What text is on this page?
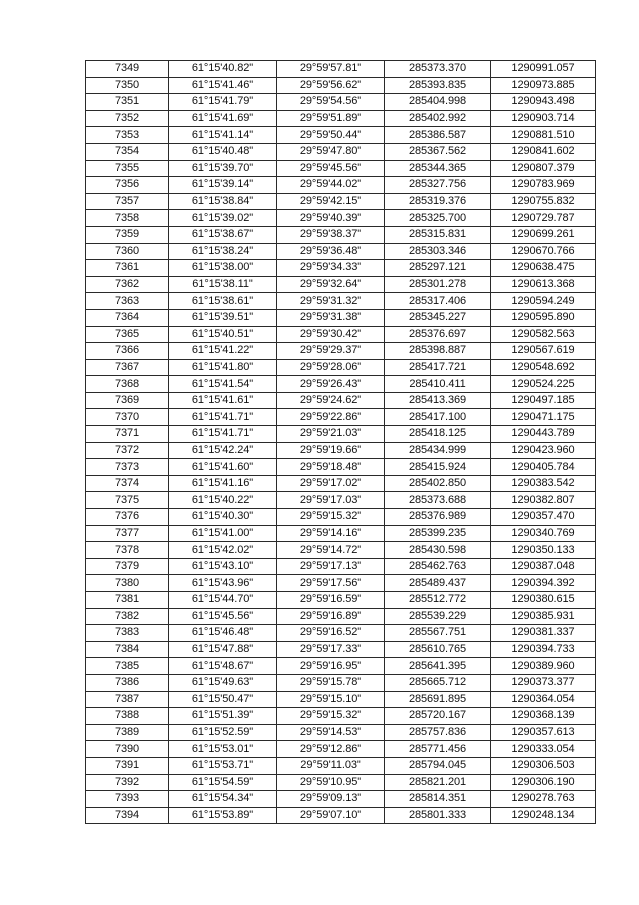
7349	61°15'40.82"	29°59'57.81"	285373.370	1290991.057
7350	61°15'41.46"	29°59'56.62"	285393.835	1290973.885
7351	61°15'41.79"	29°59'54.56"	285404.998	1290943.498
7352	61°15'41.69"	29°59'51.89"	285402.992	1290903.714
7353	61°15'41.14"	29°59'50.44"	285386.587	1290881.510
7354	61°15'40.48"	29°59'47.80"	285367.562	1290841.602
7355	61°15'39.70"	29°59'45.56"	285344.365	1290807.379
7356	61°15'39.14"	29°59'44.02"	285327.756	1290783.969
7357	61°15'38.84"	29°59'42.15"	285319.376	1290755.832
7358	61°15'39.02"	29°59'40.39"	285325.700	1290729.787
7359	61°15'38.67"	29°59'38.37"	285315.831	1290699.261
7360	61°15'38.24"	29°59'36.48"	285303.346	1290670.766
7361	61°15'38.00"	29°59'34.33"	285297.121	1290638.475
7362	61°15'38.11"	29°59'32.64"	285301.278	1290613.368
7363	61°15'38.61"	29°59'31.32"	285317.406	1290594.249
7364	61°15'39.51"	29°59'31.38"	285345.227	1290595.890
7365	61°15'40.51"	29°59'30.42"	285376.697	1290582.563
7366	61°15'41.22"	29°59'29.37"	285398.887	1290567.619
7367	61°15'41.80"	29°59'28.06"	285417.721	1290548.692
7368	61°15'41.54"	29°59'26.43"	285410.411	1290524.225
7369	61°15'41.61"	29°59'24.62"	285413.369	1290497.185
7370	61°15'41.71"	29°59'22.86"	285417.100	1290471.175
7371	61°15'41.71"	29°59'21.03"	285418.125	1290443.789
7372	61°15'42.24"	29°59'19.66"	285434.999	1290423.960
7373	61°15'41.60"	29°59'18.48"	285415.924	1290405.784
7374	61°15'41.16"	29°59'17.02"	285402.850	1290383.542
7375	61°15'40.22"	29°59'17.03"	285373.688	1290382.807
7376	61°15'40.30"	29°59'15.32"	285376.989	1290357.470
7377	61°15'41.00"	29°59'14.16"	285399.235	1290340.769
7378	61°15'42.02"	29°59'14.72"	285430.598	1290350.133
7379	61°15'43.10"	29°59'17.13"	285462.763	1290387.048
7380	61°15'43.96"	29°59'17.56"	285489.437	1290394.392
7381	61°15'44.70"	29°59'16.59"	285512.772	1290380.615
7382	61°15'45.56"	29°59'16.89"	285539.229	1290385.931
7383	61°15'46.48"	29°59'16.52"	285567.751	1290381.337
7384	61°15'47.88"	29°59'17.33"	285610.765	1290394.733
7385	61°15'48.67"	29°59'16.95"	285641.395	1290389.960
7386	61°15'49.63"	29°59'15.78"	285665.712	1290373.377
7387	61°15'50.47"	29°59'15.10"	285691.895	1290364.054
7388	61°15'51.39"	29°59'15.32"	285720.167	1290368.139
7389	61°15'52.59"	29°59'14.53"	285757.836	1290357.613
7390	61°15'53.01"	29°59'12.86"	285771.456	1290333.054
7391	61°15'53.71"	29°59'11.03"	285794.045	1290306.503
7392	61°15'54.59"	29°59'10.95"	285821.201	1290306.190
7393	61°15'54.34"	29°59'09.13"	285814.351	1290278.763
7394	61°15'53.89"	29°59'07.10"	285801.333	1290248.134
